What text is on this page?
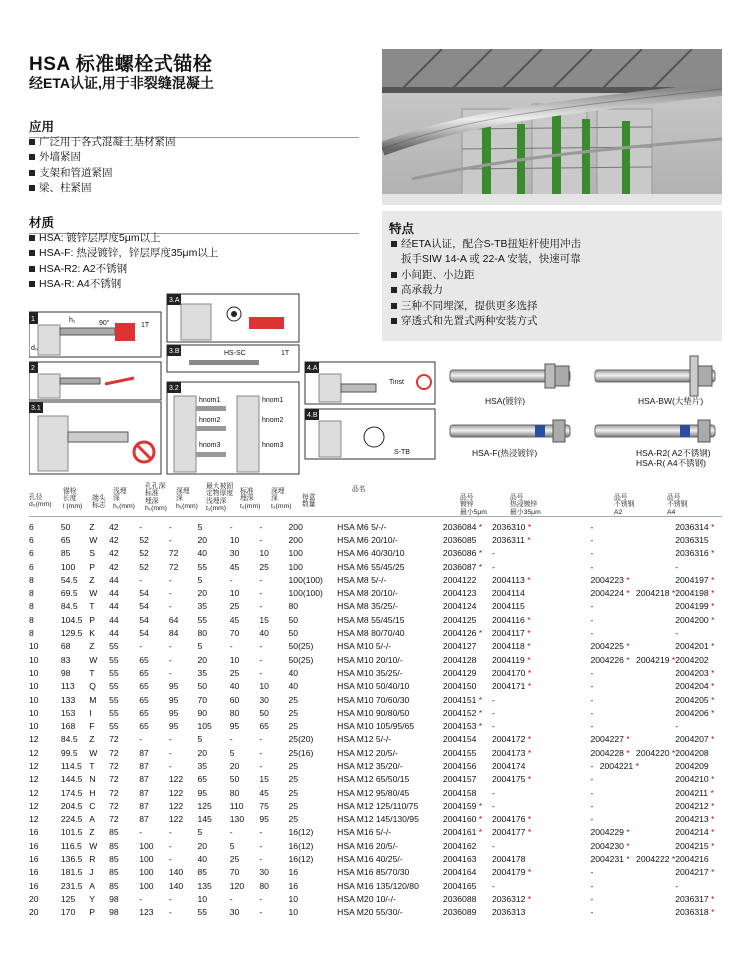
HSA 标准螺栓式锚栓
经ETA认证,用于非裂缝混凝土
应用
广泛用于各式混凝土基材紧固
外墙紧固
支架和管道紧固
梁、柱紧固
材质
HSA: 镀锌层厚度5μm以上
HSA-F: 热浸镀锌，锌层厚度35μm以上
HSA-R2: A2不锈钢
HSA-R: A4不锈钢
特点
经ETA认证，配合S-TB扭矩杆使用冲击
扳手SIW 14-A 或 22-A 安装，快速可靠
小间距、小边距
高承载力
三种不同埋深，提供更多选择
穿透式和先置式两种安装方式
1	h₁	90°
d₀
1T
2
3.1
3.A
3.B	HS-SC	1T
3.2
hnom1
hnom2
hnom3
hnom1
hnom2
hnom3
4.A
Tinst
4.B
S-TB
HSA(镀锌)	HSA-BW(大垫片)
HSA-F(热浸镀锌)	HSA-R2( A2不锈钢)
HSA-R( A4不锈钢)
孔径
d₀(mm)
锚栓
长度
l (mm)
端头
标志
浅埋
深
h₁(mm)
孔孔深
标准
埋深
h₁(mm)
深埋
深
h₁(mm)
最大被固
定物厚度
浅埋深
t₁(mm)
标准
埋深
t₂(mm)
深埋
深
t₃(mm)
每盒
数量
品名
品号
镀锌
最小5μm
品号
热浸镀锌
最小35μm
品号
不锈钢
A2
品号
不锈钢
A4
6	50	Z	42	-	-	5	-	-	200	HSA M6 5/-/-	2036084 *	2036310 *	-	2036314 *
6	65	W	42	52	-	20	10	-	200	HSA M6 20/10/-	2036085	2036311 *	-	2036315
6	85	S	42	52	72	40	30	10	100	HSA M6 40/30/10	2036086 *	-	-	2036316 *
6	100	P	42	52	72	55	45	25	100	HSA M6 55/45/25	2036087 *	-	-	-
8	54.5	Z	44	-	-	5	-	-	100(100)	HSA M8 5/-/-	2004122	2004113 *	2004223 *	2004197 *
8	69.5	W	44	54	-	20	10	-	100(100)	HSA M8 20/10/-	2004123	2004114	2004224 * 2004218 *	2004198 *
8	84.5	T	44	54	-	35	25	-	80	HSA M8 35/25/-	2004124	2004115	-	2004199 *
8	104.5	P	44	54	64	55	45	15	50	HSA M8 55/45/15	2004125	2004116 *	-	2004200 *
8	129.5	K	44	54	84	80	70	40	50	HSA M8 80/70/40	2004126 *	2004117 *	-	-
10	68	Z	55	-	-	5	-	-	50(25)	HSA M10 5/-/-	2004127	2004118 *	2004225 *	2004201 *
10	83	W	55	65	-	20	10	-	50(25)	HSA M10 20/10/-	2004128	2004119 *	2004226 * 2004219 *	2004202
10	98	T	55	65	-	35	25	-	40	HSA M10 35/25/-	2004129	2004170 *	-	2004203 *
10	113	Q	55	65	95	50	40	10	40	HSA M10 50/40/10	2004150	2004171 *	-	2004204 *
10	133	M	55	65	95	70	60	30	25	HSA M10 70/60/30	2004151 *	-	-	2004205 *
10	153	I	55	65	95	90	80	50	25	HSA M10 90/80/50	2004152 *	-	-	2004206 *
10	168	F	55	65	95	105	95	65	25	HSA M10 105/95/65	2004153 *	-	-	-
12	84.5	Z	72	-	-	5	-	-	25(20)	HSA M12 5/-/-	2004154	2004172 *	2004227 *	2004207 *
12	99.5	W	72	87	-	20	5	-	25(16)	HSA M12 20/5/-	2004155	2004173 *	2004228 * 2004220 *	2004208
12	114.5	T	72	87	-	35	20	-	25	HSA M12 35/20/-	2004156	2004174	- 2004221 *	2004209
12	144.5	N	72	87	122	65	50	15	25	HSA M12 65/50/15	2004157	2004175 *	-	2004210 *
12	174.5	H	72	87	122	95	80	45	25	HSA M12 95/80/45	2004158	-	-	2004211 *
12	204.5	C	72	87	122	125	110	75	25	HSA M12 125/110/75	2004159 *	-	-	2004212 *
12	224.5	A	72	87	122	145	130	95	25	HSA M12 145/130/95	2004160 *	2004176 *	-	2004213 *
16	101.5	Z	85	-	-	5	-	-	16(12)	HSA M16 5/-/-	2004161 *	2004177 *	2004229 *	2004214 *
16	116.5	W	85	100	-	20	5	-	16(12)	HSA M16 20/5/-	2004162	-	2004230 *	2004215 *
16	136.5	R	85	100	-	40	25	-	16(12)	HSA M16 40/25/-	2004163	2004178	2004231 * 2004222 *	2004216
16	181.5	J	85	100	140	85	70	30	16	HSA M16 85/70/30	2004164	2004179 *	-	2004217 *
16	231.5	A	85	100	140	135	120	80	16	HSA M16 135/120/80	2004165	-	-	-
20	125	Y	98	-	-	10	-	-	10	HSA M20 10/-/-	2036088	2036312 *	-	2036317 *
20	170	P	98	123	-	55	30	-	10	HSA M20 55/30/-	2036089	2036313	-	2036318 *
